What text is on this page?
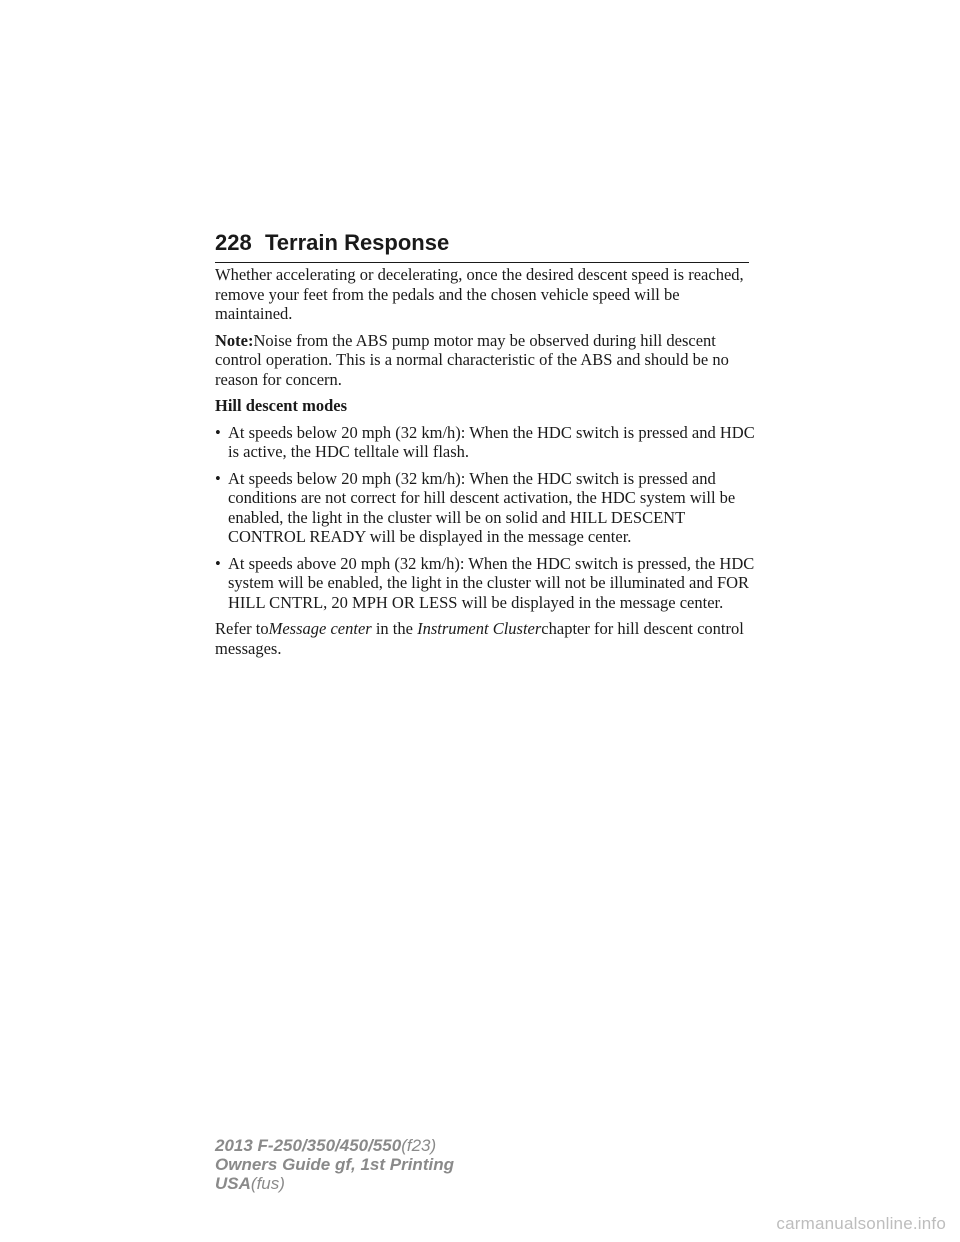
228 Terrain Response

Whether accelerating or decelerating, once the desired descent speed is reached, remove your feet from the pedals and the chosen vehicle speed will be maintained.

Note:Noise from the ABS pump motor may be observed during hill descent control operation. This is a normal characteristic of the ABS and should be no reason for concern.

Hill descent modes

• At speeds below 20 mph (32 km/h): When the HDC switch is pressed and HDC is active, the HDC telltale will flash.
• At speeds below 20 mph (32 km/h): When the HDC switch is pressed and conditions are not correct for hill descent activation, the HDC system will be enabled, the light in the cluster will be on solid and HILL DESCENT CONTROL READY will be displayed in the message center.
• At speeds above 20 mph (32 km/h): When the HDC switch is pressed, the HDC system will be enabled, the light in the cluster will not be illuminated and FOR HILL CNTRL, 20 MPH OR LESS will be displayed in the message center.

Refer toMessage center in the Instrument Clusterchapter for hill descent control messages.

2013 F-250/350/450/550(f23)
Owners Guide gf, 1st Printing
USA(fus)
carmanualsonline.info
